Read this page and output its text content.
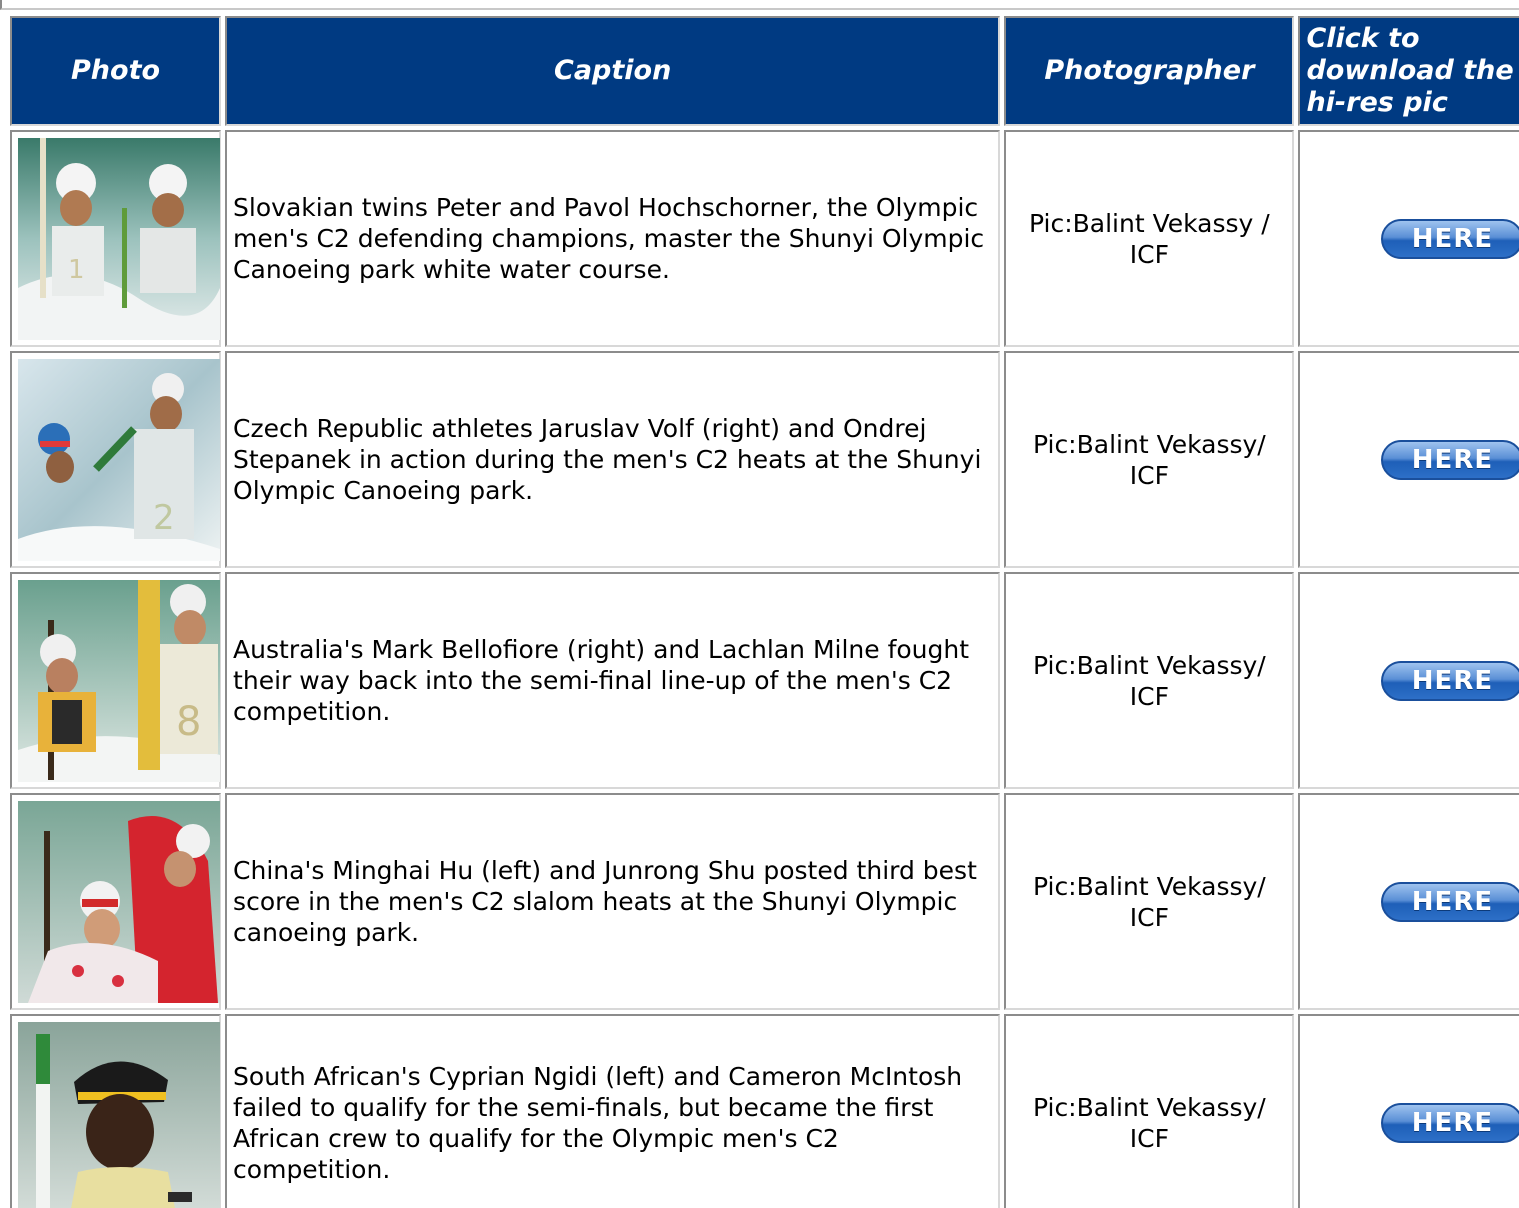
Photo	Caption	Photographer	Click to download the hi-res pic

1	Slovakian twins Peter and Pavol Hochschorner, the Olympic men's C2 defending champions, master the Shunyi Olympic Canoeing park white water course.	Pic:Balint Vekassy / ICF	HERE

2	Czech Republic athletes Jaruslav Volf (right) and Ondrej Stepanek in action during the men's C2 heats at the Shunyi Olympic Canoeing park.	Pic:Balint Vekassy/ ICF	HERE

8	Australia's Mark Bellofiore (right) and Lachlan Milne fought their way back into the semi-final line-up of the men's C2 competition.	Pic:Balint Vekassy/ ICF	HERE

	China's Minghai Hu (left) and Junrong Shu posted third best score in the men's C2 slalom heats at the Shunyi Olympic canoeing park.	Pic:Balint Vekassy/ ICF	HERE

	South African's Cyprian Ngidi (left) and Cameron McIntosh failed to qualify for the semi-finals, but became the first African crew to qualify for the Olympic men's C2 competition.	Pic:Balint Vekassy/ ICF	HERE
